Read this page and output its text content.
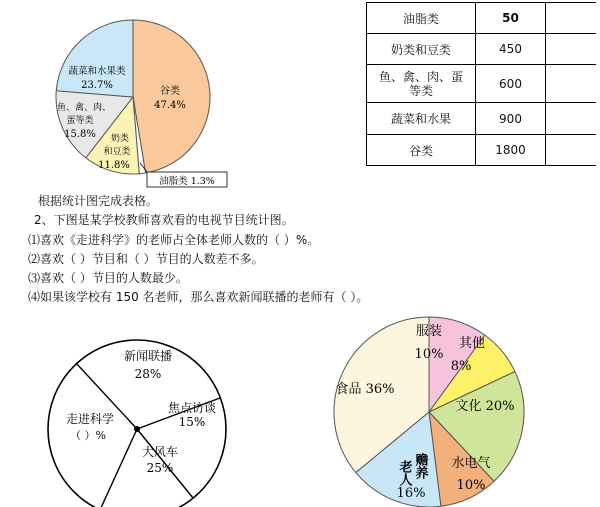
谷类
47.4%
蔬菜和水果类
23.7%
鱼、禽、肉、
蛋等类
15.8% 奶类
和豆类
11.8%
油脂类 1.3%
油脂类	50	
奶类和豆类	450	
鱼、禽、肉、蛋
等类	600	
蔬菜和水果	900	
谷类	1800	
根据统计图完成表格。
2、下图是某学校教师喜欢看的电视节目统计图。
⑴喜欢《走进科学》的老师占全体老师人数的（ ）%。
⑵喜欢（ ）节目和（ ）节目的人数差不多。
⑶喜欢（ ）节目的人数最少。
⑷如果该学校有 150 名老师，那么喜欢新闻联播的老师有（ ）。
新闻联播
28%
焦点访谈
15%
大风车
25%
走进科学
（ ）%
服装
10%
其他
8%
文化 20%
水电气
10%
赡养
老人
16%
食品 36%
